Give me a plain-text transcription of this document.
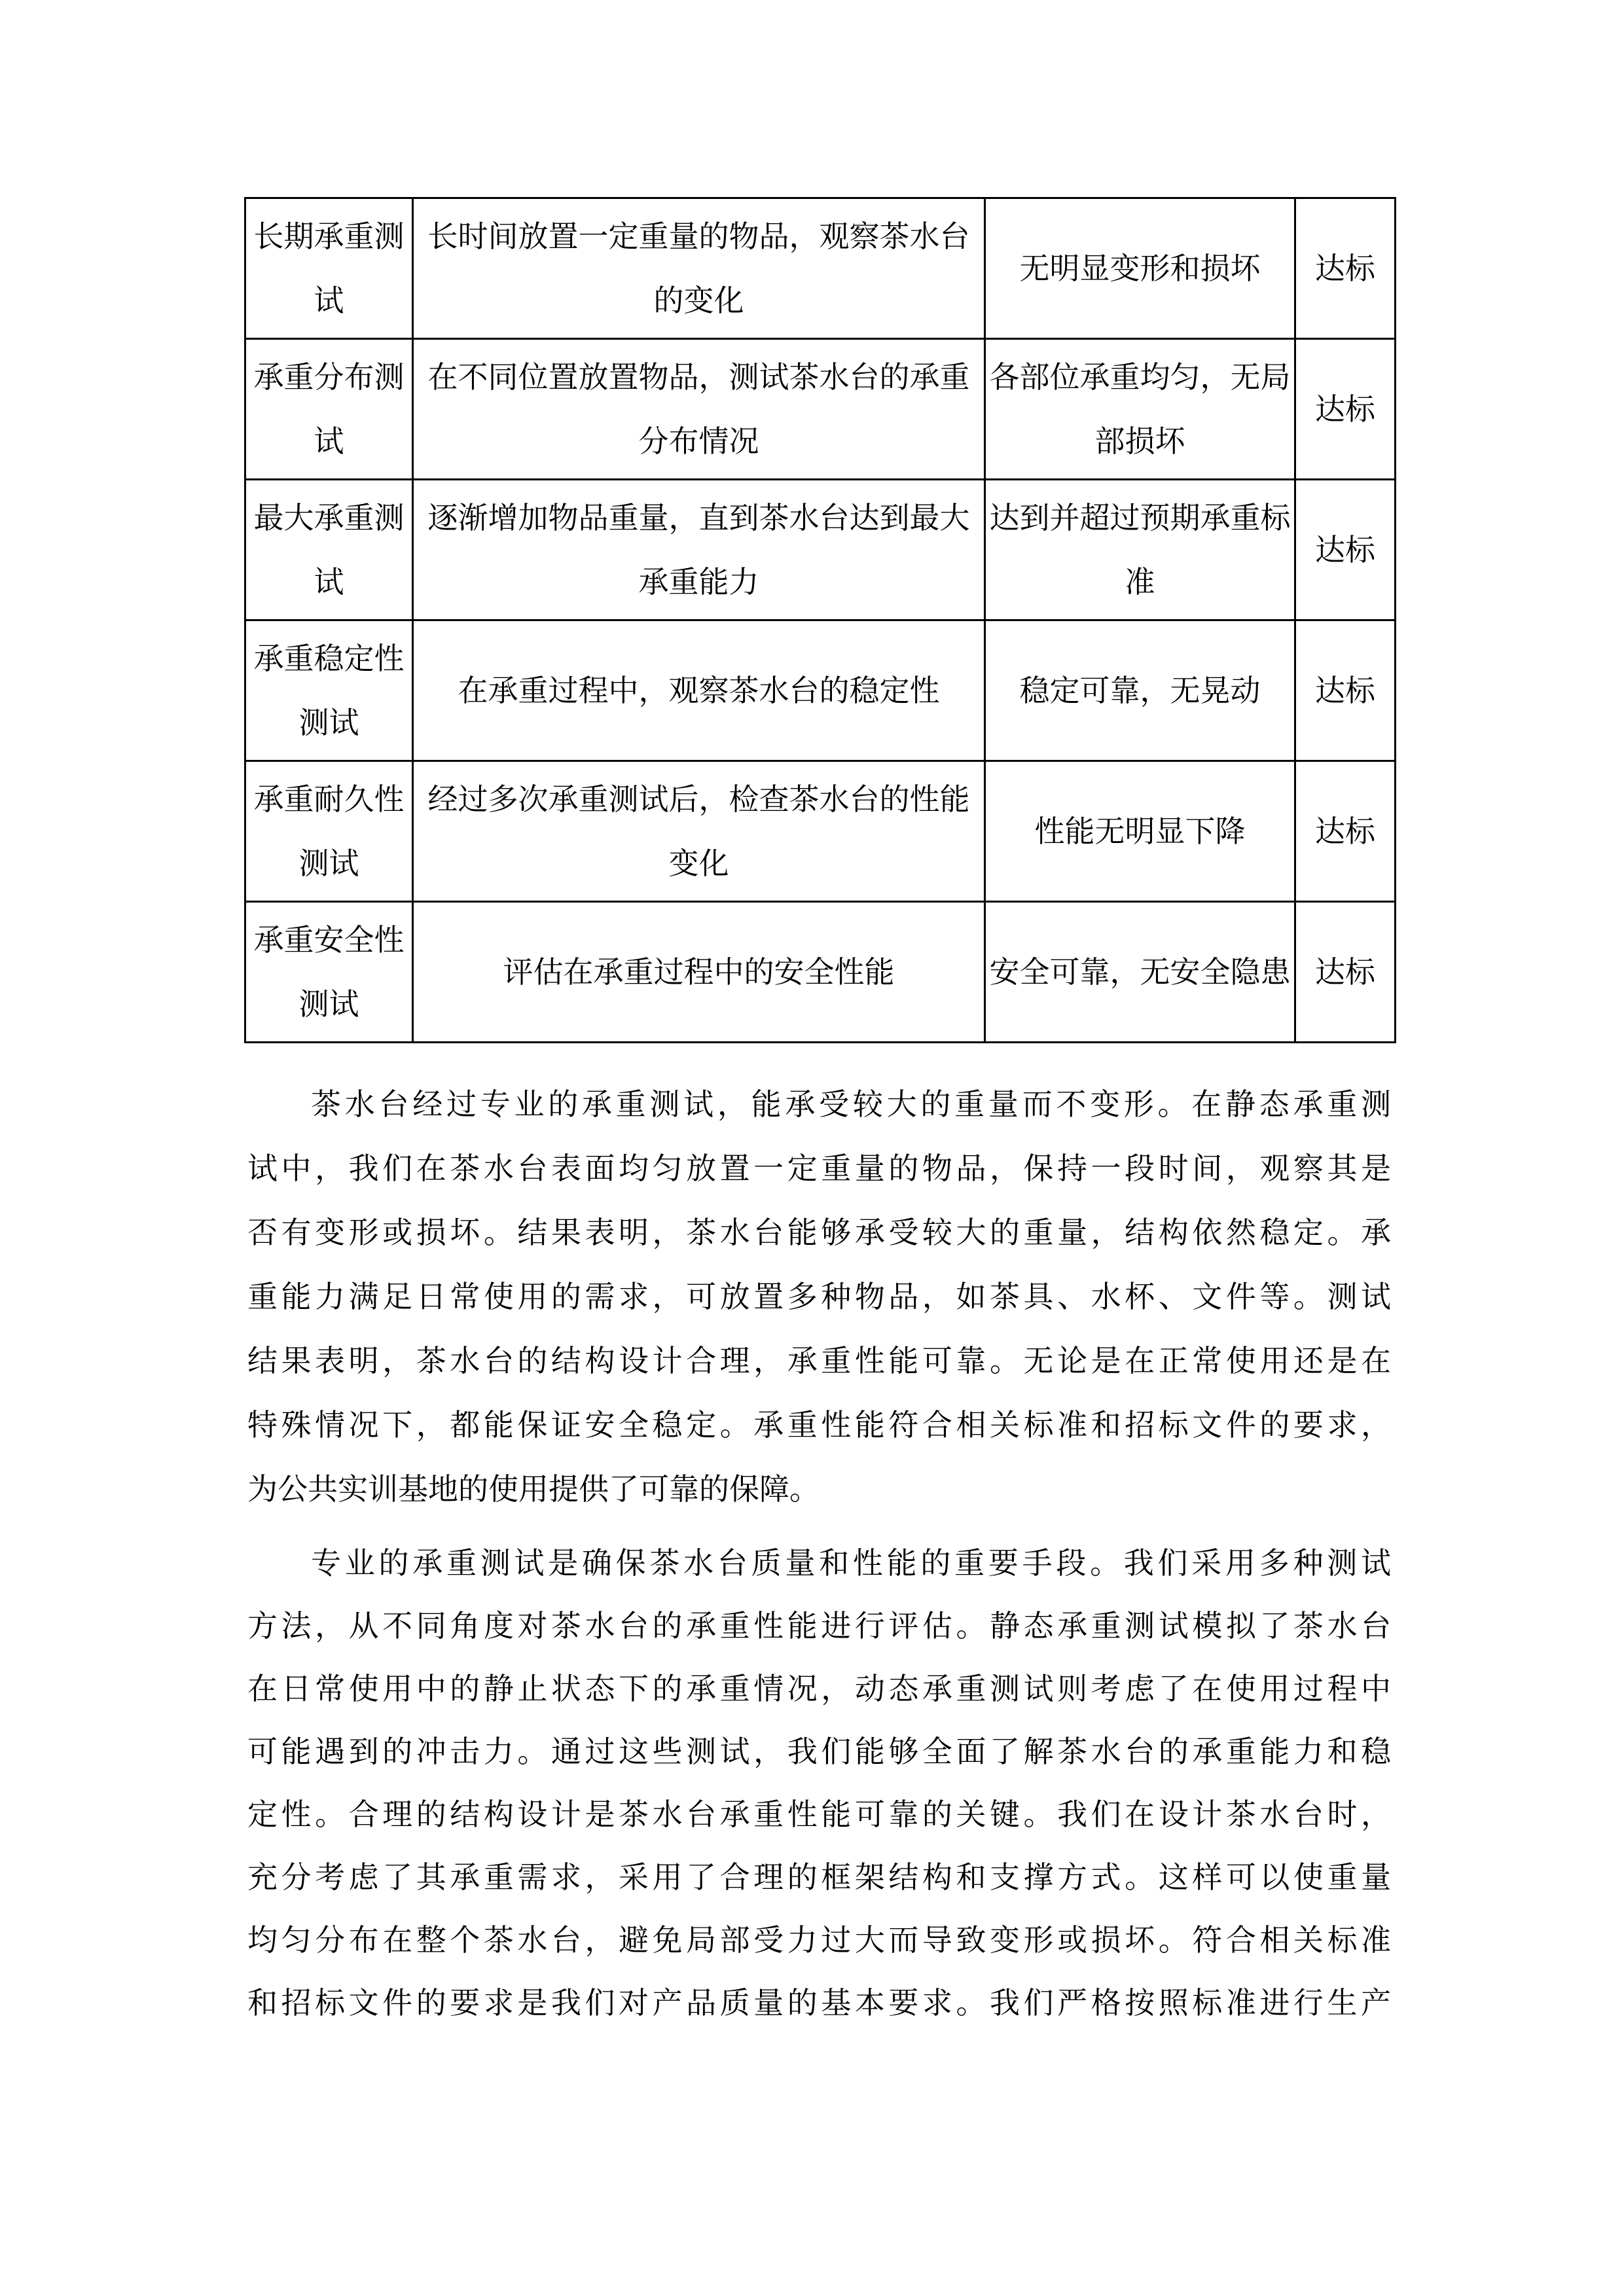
长期承重测试	长时间放置一定重量的物品，观察茶水台的变化	无明显变形和损坏	达标
承重分布测试	在不同位置放置物品，测试茶水台的承重分布情况	各部位承重均匀，无局部损坏	达标
最大承重测试	逐渐增加物品重量，直到茶水台达到最大承重能力	达到并超过预期承重标准	达标
承重稳定性测试	在承重过程中，观察茶水台的稳定性	稳定可靠，无晃动	达标
承重耐久性测试	经过多次承重测试后，检查茶水台的性能变化	性能无明显下降	达标
承重安全性测试	评估在承重过程中的安全性能	安全可靠，无安全隐患	达标
茶水台经过专业的承重测试，能承受较大的重量而不变形。在静态承重测
试中，我们在茶水台表面均匀放置一定重量的物品，保持一段时间，观察其是
否有变形或损坏。结果表明，茶水台能够承受较大的重量，结构依然稳定。承
重能力满足日常使用的需求，可放置多种物品，如茶具、水杯、文件等。测试
结果表明，茶水台的结构设计合理，承重性能可靠。无论是在正常使用还是在
特殊情况下，都能保证安全稳定。承重性能符合相关标准和招标文件的要求，
为公共实训基地的使用提供了可靠的保障。
专业的承重测试是确保茶水台质量和性能的重要手段。我们采用多种测试
方法，从不同角度对茶水台的承重性能进行评估。静态承重测试模拟了茶水台
在日常使用中的静止状态下的承重情况，动态承重测试则考虑了在使用过程中
可能遇到的冲击力。通过这些测试，我们能够全面了解茶水台的承重能力和稳
定性。合理的结构设计是茶水台承重性能可靠的关键。我们在设计茶水台时，
充分考虑了其承重需求，采用了合理的框架结构和支撑方式。这样可以使重量
均匀分布在整个茶水台，避免局部受力过大而导致变形或损坏。符合相关标准
和招标文件的要求是我们对产品质量的基本要求。我们严格按照标准进行生产
